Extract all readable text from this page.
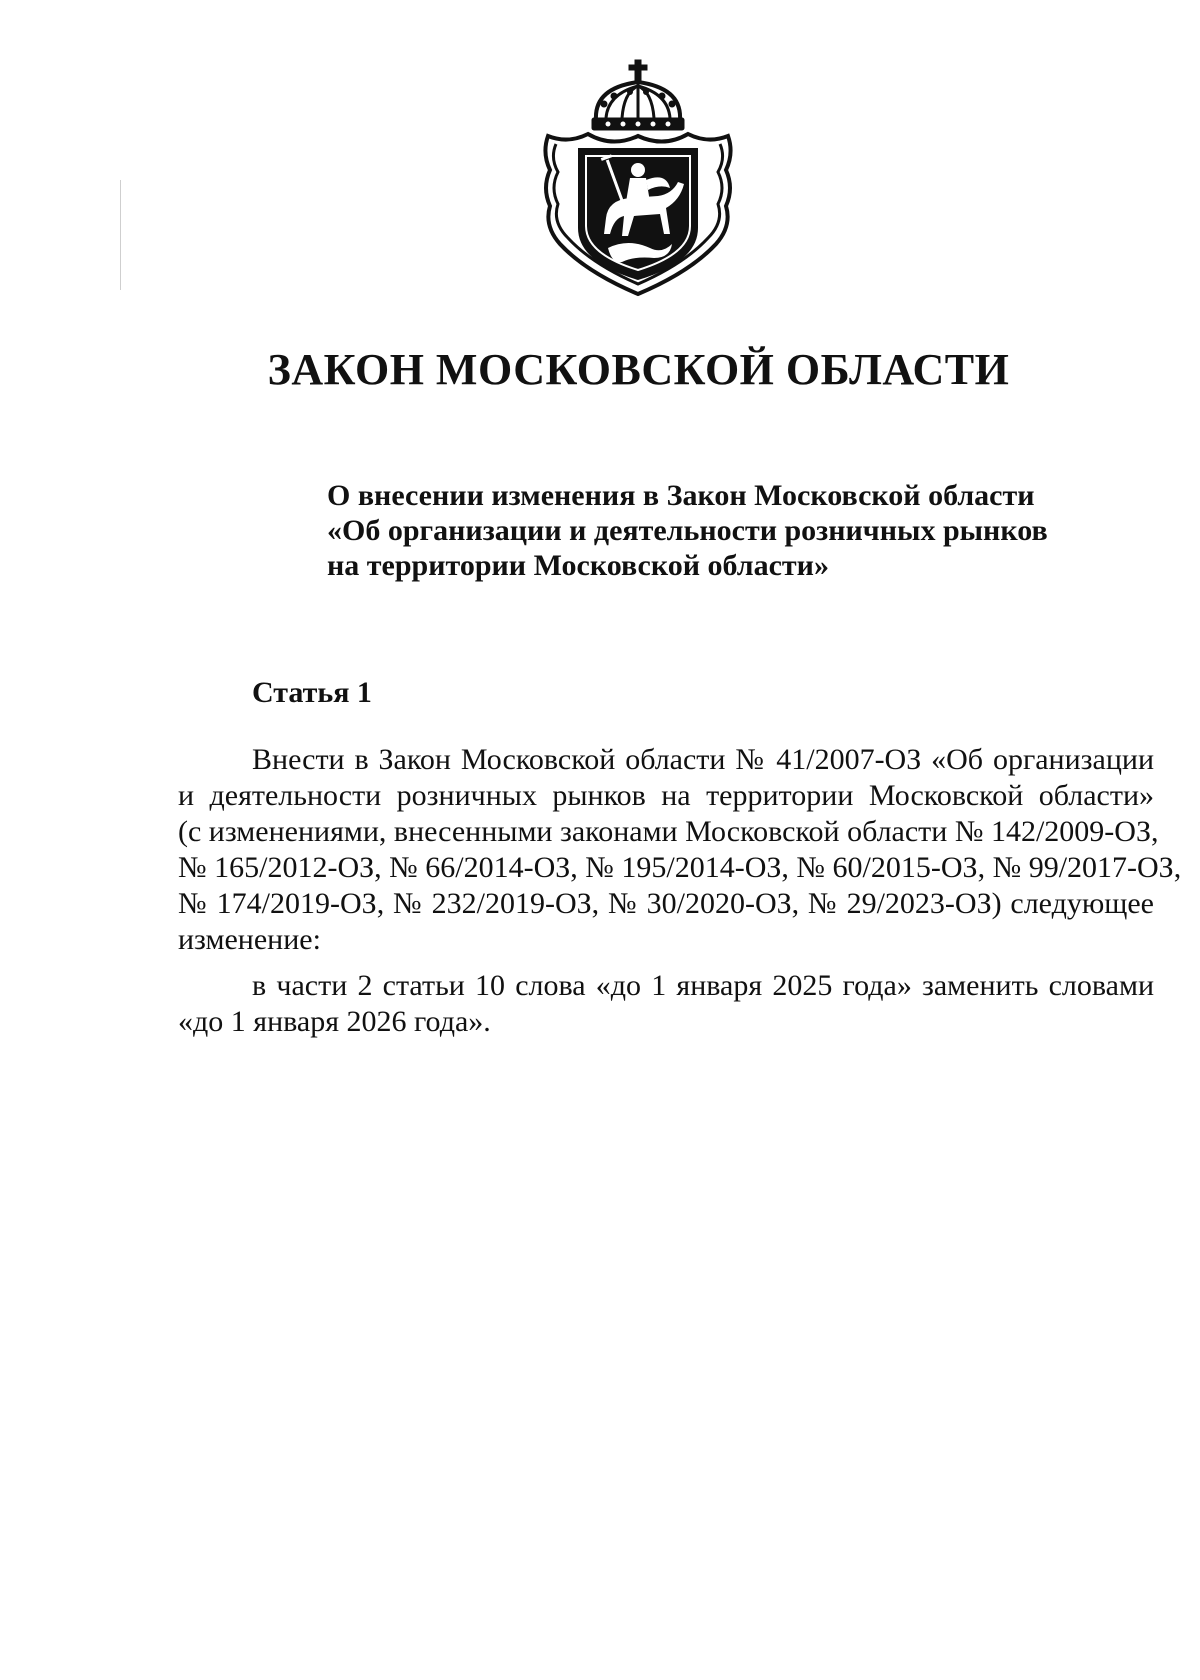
ЗАКОН МОСКОВСКОЙ ОБЛАСТИ
О внесении изменения в Закон Московской области
«Об организации и деятельности розничных рынков
на территории Московской области»
Статья 1

Внести в Закон Московской области № 41/2007-ОЗ «Об организации
и деятельности розничных рынков на территории Московской области»
(с изменениями, внесенными законами Московской области № 142/2009-ОЗ,
№ 165/2012-ОЗ, № 66/2014-ОЗ, № 195/2014-ОЗ, № 60/2015-ОЗ, № 99/2017-ОЗ,
№ 174/2019-ОЗ, № 232/2019-ОЗ, № 30/2020-ОЗ, № 29/2023-ОЗ) следующее
изменение:

в части 2 статьи 10 слова «до 1 января 2025 года» заменить словами
«до 1 января 2026 года».
